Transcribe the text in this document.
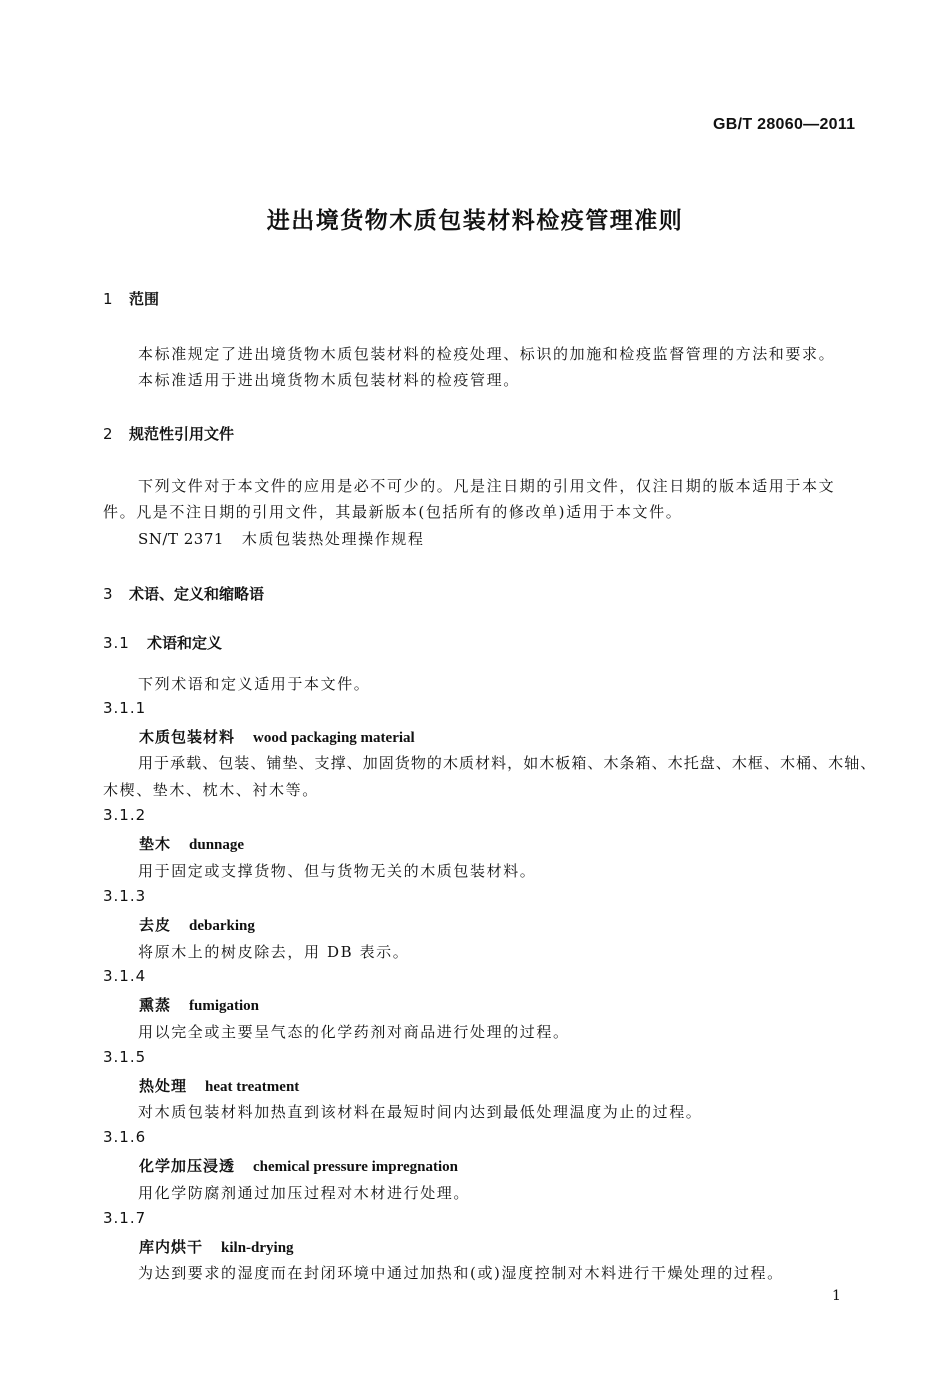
GB/T 28060—2011
进出境货物木质包装材料检疫管理准则
1 范围
本标准规定了进出境货物木质包装材料的检疫处理、标识的加施和检疫监督管理的方法和要求。
本标准适用于进出境货物木质包装材料的检疫管理。
2 规范性引用文件
下列文件对于本文件的应用是必不可少的。凡是注日期的引用文件，仅注日期的版本适用于本文
件。凡是不注日期的引用文件，其最新版本(包括所有的修改单)适用于本文件。
SN/T 2371 木质包装热处理操作规程
3 术语、定义和缩略语
3.1 术语和定义
下列术语和定义适用于本文件。
3.1.1
木质包装材料 wood packaging material
用于承载、包装、铺垫、支撑、加固货物的木质材料，如木板箱、木条箱、木托盘、木框、木桶、木轴、
木楔、垫木、枕木、衬木等。
3.1.2
垫木 dunnage
用于固定或支撑货物、但与货物无关的木质包装材料。
3.1.3
去皮 debarking
将原木上的树皮除去，用 DB 表示。
3.1.4
熏蒸 fumigation
用以完全或主要呈气态的化学药剂对商品进行处理的过程。
3.1.5
热处理 heat treatment
对木质包装材料加热直到该材料在最短时间内达到最低处理温度为止的过程。
3.1.6
化学加压浸透 chemical pressure impregnation
用化学防腐剂通过加压过程对木材进行处理。
3.1.7
库内烘干 kiln-drying
为达到要求的湿度而在封闭环境中通过加热和(或)湿度控制对木料进行干燥处理的过程。
1
